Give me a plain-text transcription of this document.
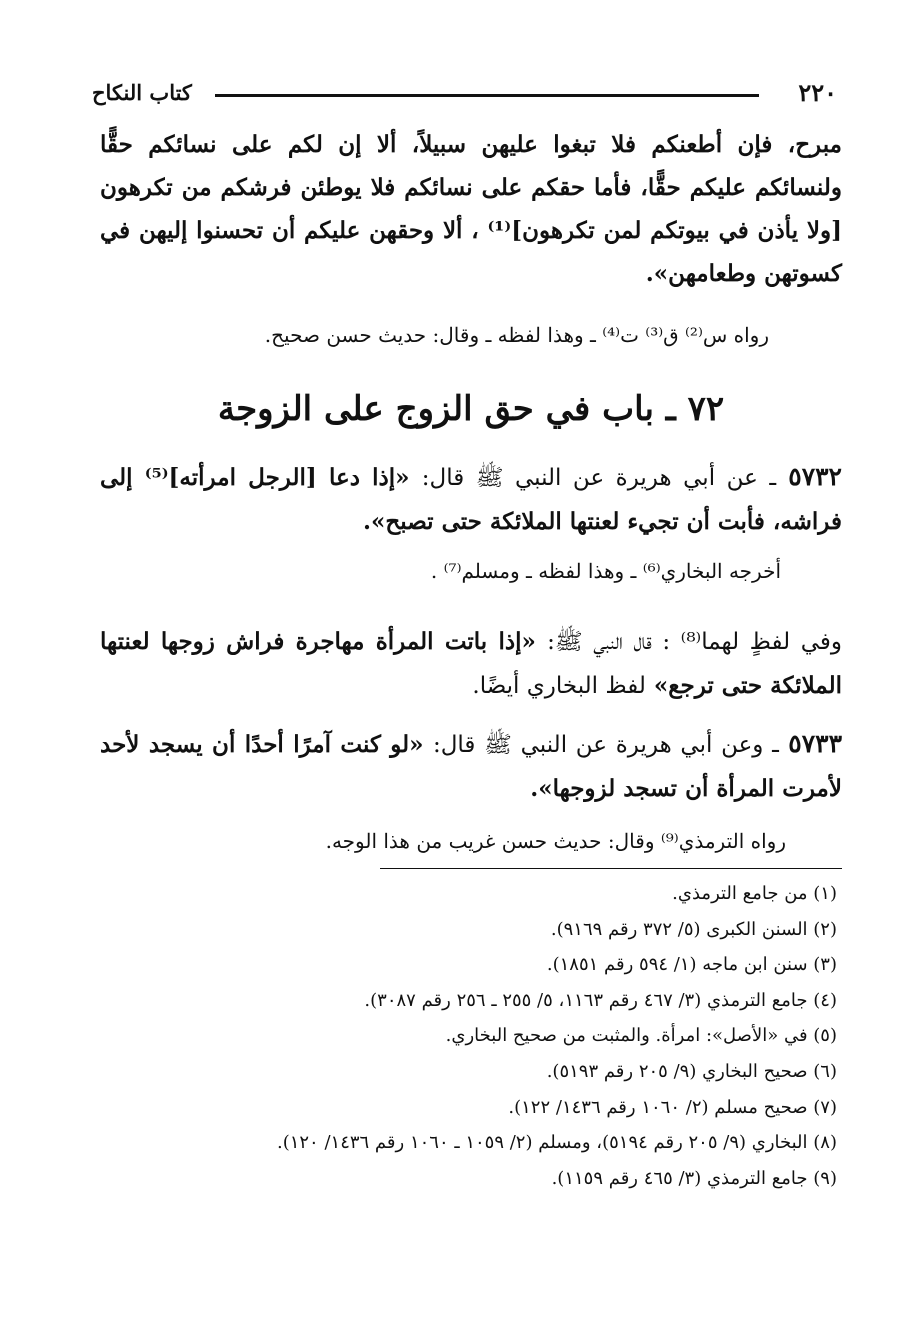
٢٢٠
كتاب النكاح

مبرح، فإن أطعنكم فلا تبغوا عليهن سبيلاً، ألا إن لكم على نسائكم حقًّا ولنسائكم عليكم حقًّا، فأما حقكم على نسائكم فلا يوطئن فرشكم من تكرهون [ولا يأذن في بيوتكم لمن تكرهون]⁽¹⁾ ، ألا وحقهن عليكم أن تحسنوا إليهن في كسوتهن وطعامهن».

رواه س⁽²⁾ ق⁽³⁾ ت⁽⁴⁾ ـ وهذا لفظه ـ وقال: حديث حسن صحيح.
٧٢ ـ باب في حق الزوج على الزوجة

٥٧٣٢ ـ عن أبي هريرة عن النبي ﷺ قال: «إذا دعا [الرجل امرأته]⁽⁵⁾ إلى فراشه، فأبت أن تجيء لعنتها الملائكة حتى تصبح».

أخرجه البخاري⁽⁶⁾ ـ وهذا لفظه ـ ومسلم⁽⁷⁾ .

وفي لفظٍ لهما⁽⁸⁾ : قال النبي ﷺ: «إذا باتت المرأة مهاجرة فراش زوجها لعنتها الملائكة حتى ترجع» لفظ البخاري أيضًا.

٥٧٣٣ ـ وعن أبي هريرة عن النبي ﷺ قال: «لو كنت آمرًا أحدًا أن يسجد لأحد لأمرت المرأة أن تسجد لزوجها».

رواه الترمذي⁽⁹⁾ وقال: حديث حسن غريب من هذا الوجه.
(١) من جامع الترمذي.
(٢) السنن الكبرى (٥/ ٣٧٢ رقم ٩١٦٩).
(٣) سنن ابن ماجه (١/ ٥٩٤ رقم ١٨٥١).
(٤) جامع الترمذي (٣/ ٤٦٧ رقم ١١٦٣، ٥/ ٢٥٥ ـ ٢٥٦ رقم ٣٠٨٧).
(٥) في «الأصل»: امرأة. والمثبت من صحيح البخاري.
(٦) صحيح البخاري (٩/ ٢٠٥ رقم ٥١٩٣).
(٧) صحيح مسلم (٢/ ١٠٦٠ رقم ١٤٣٦/ ١٢٢).
(٨) البخاري (٩/ ٢٠٥ رقم ٥١٩٤)، ومسلم (٢/ ١٠٥٩ ـ ١٠٦٠ رقم ١٤٣٦/ ١٢٠).
(٩) جامع الترمذي (٣/ ٤٦٥ رقم ١١٥٩).
